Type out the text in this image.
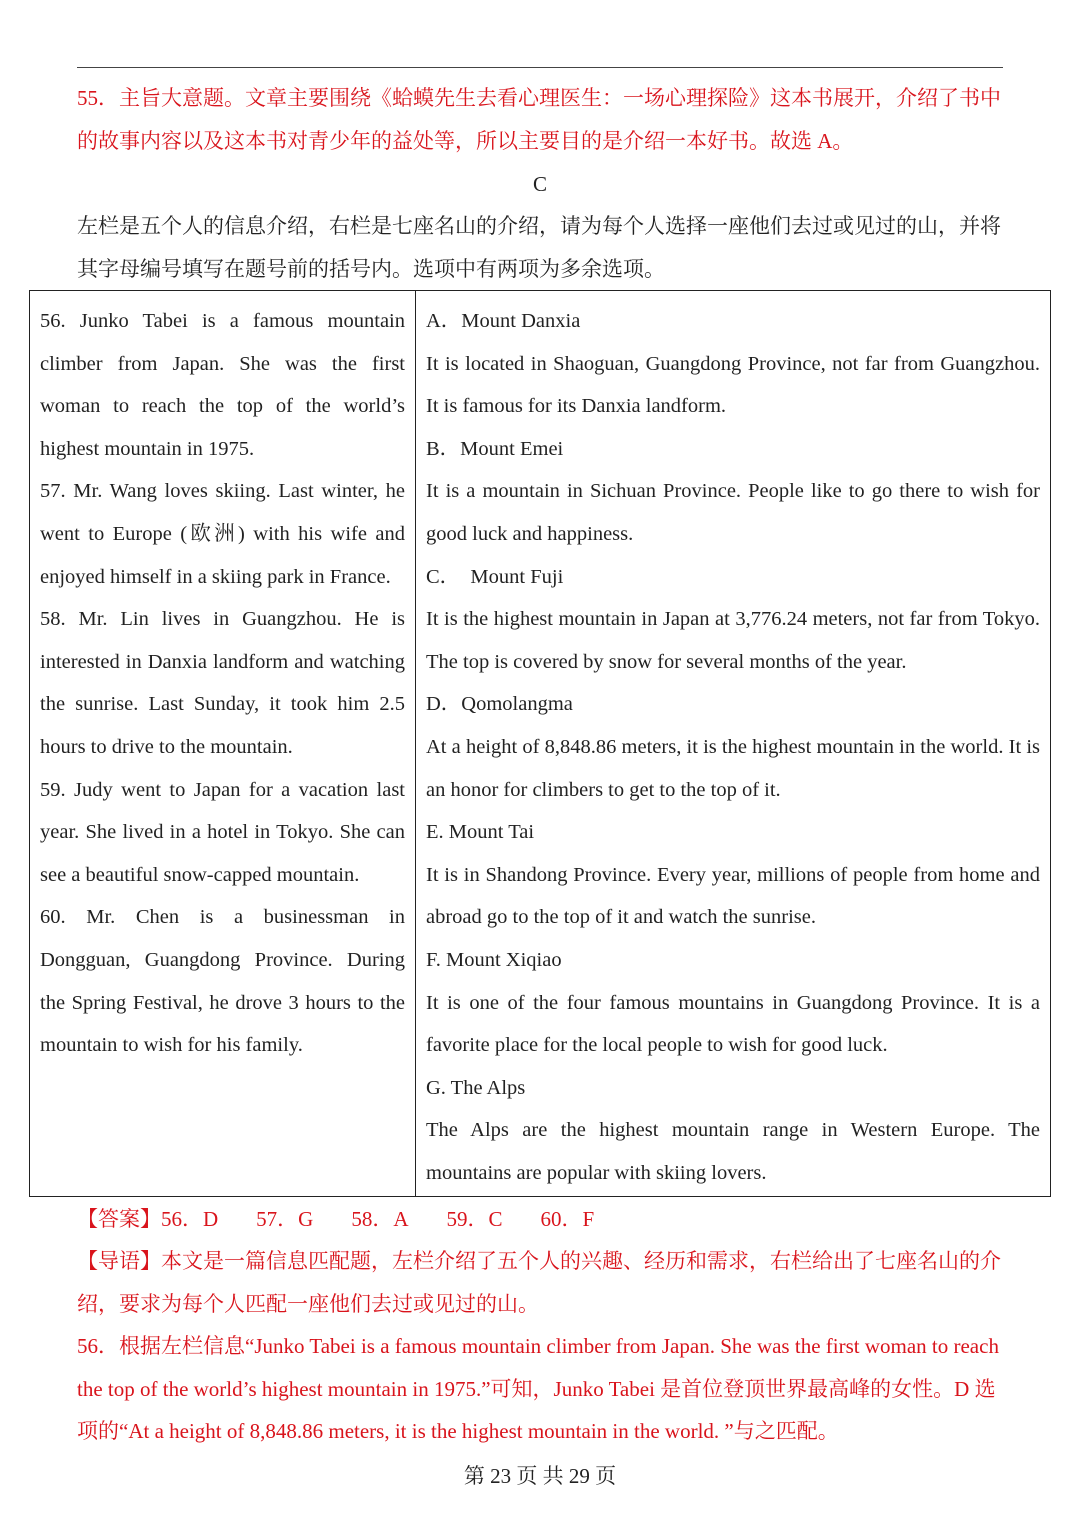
55．主旨大意题。文章主要围绕《蛤蟆先生去看心理医生：一场心理探险》这本书展开，介绍了书中的故事内容以及这本书对青少年的益处等，所以主要目的是介绍一本好书。故选 A。

C

左栏是五个人的信息介绍，右栏是七座名山的介绍，请为每个人选择一座他们去过或见过的山，并将其字母编号填写在题号前的括号内。选项中有两项为多余选项。

56. Junko Tabei is a famous mountain climber from Japan. She was the first woman to reach the top of the world’s highest mountain in 1975.

57. Mr. Wang loves skiing. Last winter, he went to Europe (欧洲) with his wife and enjoyed himself in a skiing park in France.

58. Mr. Lin lives in Guangzhou. He is interested in Danxia landform and watching the sunrise. Last Sunday, it took him 2.5 hours to drive to the mountain.

59. Judy went to Japan for a vacation last year. She lived in a hotel in Tokyo. She can see a beautiful snow-capped mountain.

60. Mr. Chen is a businessman in Dongguan, Guangdong Province. During the Spring Festival, he drove 3 hours to the mountain to wish for his family.

A．Mount Danxia

It is located in Shaoguan, Guangdong Province, not far from Guangzhou. It is famous for its Danxia landform.

B．Mount Emei

It is a mountain in Sichuan Province. People like to go there to wish for good luck and happiness.

C．  Mount Fuji

It is the highest mountain in Japan at 3,776.24 meters, not far from Tokyo. The top is covered by snow for several months of the year.

D．Qomolangma

At a height of 8,848.86 meters, it is the highest mountain in the world. It is an honor for climbers to get to the top of it.

E. Mount Tai

It is in Shandong Province. Every year, millions of people from home and abroad go to the top of it and watch the sunrise.

F. Mount Xiqiao

It is one of the four famous mountains in Guangdong Province. It is a favorite place for the local people to wish for good luck.

G. The Alps

The Alps are the highest mountain range in Western Europe. The mountains are popular with skiing lovers.

【答案】56．D 57．G 58．A 59．C 60．F

【导语】本文是一篇信息匹配题，左栏介绍了五个人的兴趣、经历和需求，右栏给出了七座名山的介绍，要求为每个人匹配一座他们去过或见过的山。

56．根据左栏信息“Junko Tabei is a famous mountain climber from Japan. She was the first woman to reach the top of the world’s highest mountain in 1975.”可知，Junko Tabei 是首位登顶世界最高峰的女性。D 选项的“At a height of 8,848.86 meters, it is the highest mountain in the world. ”与之匹配。

第 23 页 共 29 页
